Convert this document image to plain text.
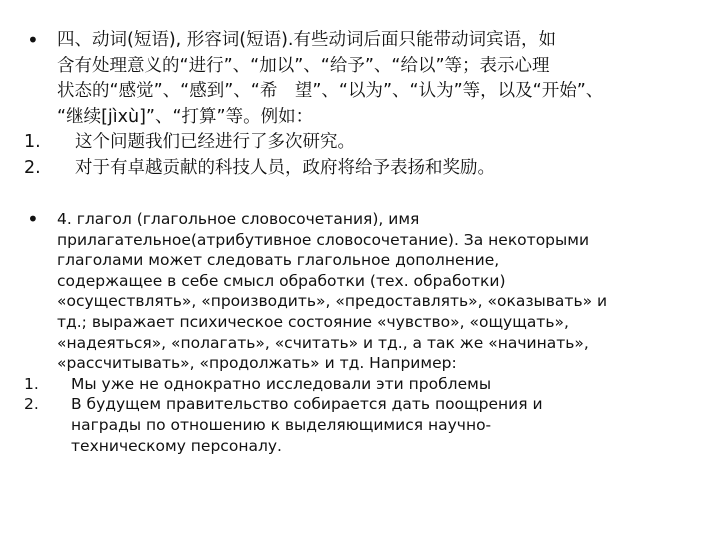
• 四、动词(短语), 形容词(短语).有些动词后面只能带动词宾语，如
含有处理意义的“进行”、“加以”、“给予”、“给以”等；表示心理
状态的“感觉”、“感到”、“希　望”、“以为”、“认为”等，以及“开始”、
“继续[jìxù]”、“打算”等。例如：
1. 这个问题我们已经进行了多次研究。
2. 对于有卓越贡献的科技人员，政府将给予表扬和奖励。
• 4. глагол (глагольное словосочетания), имя
прилагательное(атрибутивное словосочетание). За некоторыми
глаголами может следовать глагольное дополнение,
содержащее в себе смысл обработки (тех. обработки)
«осуществлять», «производить», «предоставлять», «оказывать» и
тд.; выражает психическое состояние «чувство», «ощущать»,
«надеяться», «полагать», «считать» и тд., а так же «начинать»,
«рассчитывать», «продолжать» и тд. Например:
1. Мы уже не однократно исследовали эти проблемы
2. В будущем правительство собирается дать поощрения и
награды по отношению к выделяющимися научно-
техническому персоналу.
